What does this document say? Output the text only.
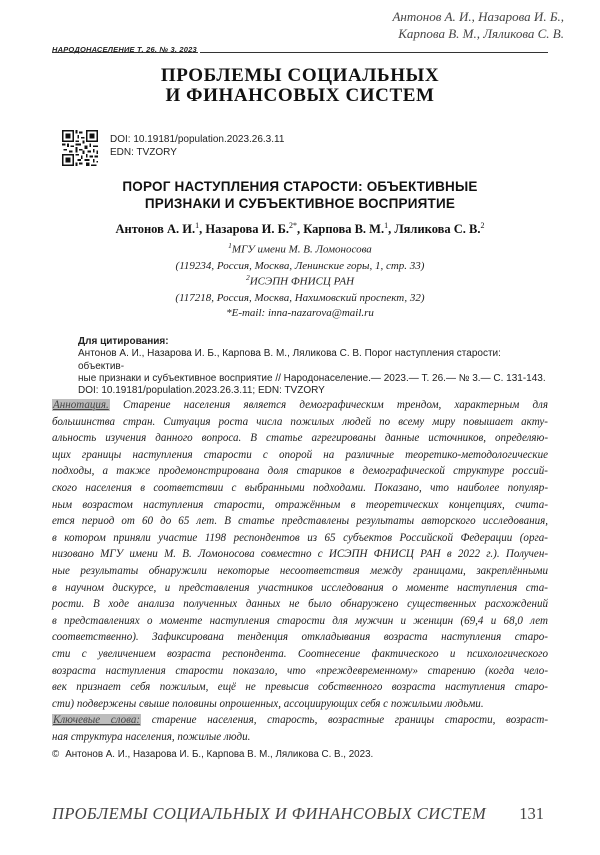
Антонов А. И., Назарова И. Б.,
Карпова В. М., Ляликова С. В.
НАРОДОНАСЕЛЕНИЕ Т. 26. № 3. 2023
ПРОБЛЕМЫ СОЦИАЛЬНЫХ
И ФИНАНСОВЫХ СИСТЕМ
DOI: 10.19181/population.2023.26.3.11
EDN: TVZORY
ПОРОГ НАСТУПЛЕНИЯ СТАРОСТИ: ОБЪЕКТИВНЫЕ
ПРИЗНАКИ И СУБЪЕКТИВНОЕ ВОСПРИЯТИЕ
Антонов А. И.$^1$, Назарова И. Б.$^{2*}$, Карпова В. М.$^1$, Ляликова С. В.$^2$
$^1$МГУ имени М. В. Ломоносова
(119234, Россия, Москва, Ленинские горы, 1, стр. 33)
$^2$ИСЭПН ФНИСЦ РАН
(117218, Россия, Москва, Нахимовский проспект, 32)
*E-mail: inna-nazarova@mail.ru
Для цитирования:
Антонов А. И., Назарова И. Б., Карпова В. М., Ляликова С. В. Порог наступления старости: объектив-
ные признаки и субъективное восприятие // Народонаселение.— 2023.— Т. 26.— № 3.— С. 131-143.
DOI: 10.19181/population.2023.26.3.11; EDN: TVZORY
Аннотация. Старение населения является демографическим трендом, характерным для
большинства стран. Ситуация роста числа пожилых людей по всему миру повышает акту-
альность изучения данного вопроса. В статье агрегированы данные источников, определяю-
щих границы наступления старости с опорой на различные теоретико-методологические
подходы, а также продемонстрирована доля стариков в демографической структуре россий-
ского населения в соответствии с выбранными подходами. Показано, что наиболее популяр-
ным возрастом наступления старости, отражённым в теоретических концепциях, счита-
ется период от 60 до 65 лет. В статье представлены результаты авторского исследования,
в котором приняли участие 1198 респондентов из 65 субъектов Российской Федерации (орга-
низовано МГУ имени М. В. Ломоносова совместно с ИСЭПН ФНИСЦ РАН в 2022 г.). Получен-
ные результаты обнаружили некоторые несоответствия между границами, закреплёнными
в научном дискурсе, и представления участников исследования о моменте наступления ста-
рости. В ходе анализа полученных данных не было обнаружено существенных расхождений
в представлениях о моменте наступления старости для мужчин и женщин (69,4 и 68,0 лет
соответственно). Зафиксирована тенденция откладывания возраста наступления старо-
сти с увеличением возраста респондента. Соотнесение фактического и психологического
возраста наступления старости показало, что «преждевременному» старению (когда чело-
век признает себя пожилым, ещё не превысив собственного возраста наступления старо-
сти) подвержены свыше половины опрошенных, ассоциирующих себя с пожилыми людьми.
Ключевые слова: старение населения, старость, возрастные границы старости, возраст-
ная структура населения, пожилые люди.
© Антонов А. И., Назарова И. Б., Карпова В. М., Ляликова С. В., 2023.
ПРОБЛЕМЫ СОЦИАЛЬНЫХ И ФИНАНСОВЫХ СИСТЕМ 131
